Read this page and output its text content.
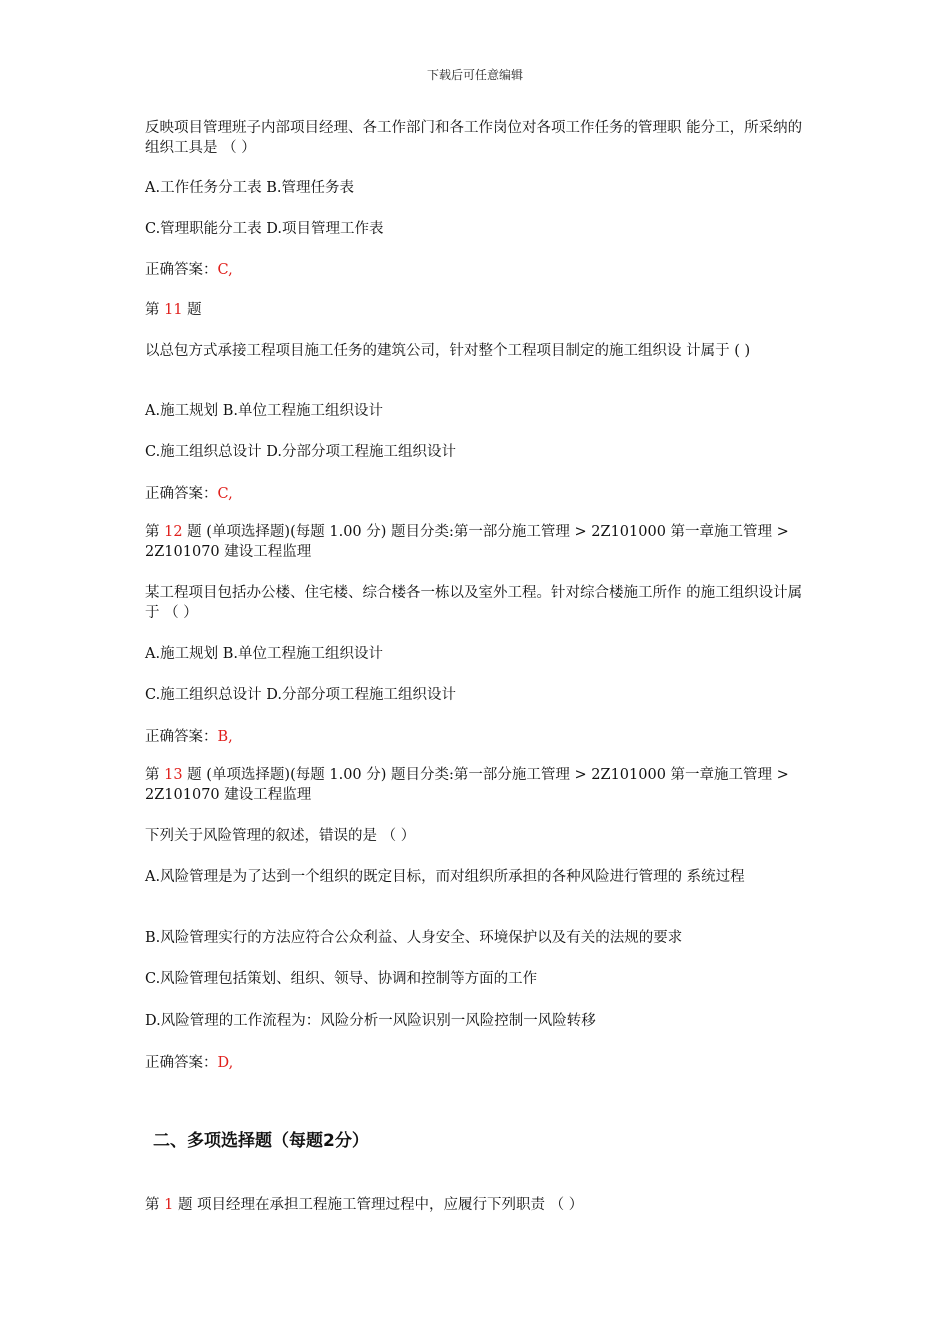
下载后可任意编辑

反映项目管理班子内部项目经理、各工作部门和各工作岗位对各项工作任务的管理职 能分工，所采纳的组织工具是 （ ）

A.工作任务分工表 B.管理任务表

C.管理职能分工表 D.项目管理工作表

正确答案：C,

第 11 题

以总包方式承接工程项目施工任务的建筑公司，针对整个工程项目制定的施工组织设 计属于 ( )

A.施工规划 B.单位工程施工组织设计

C.施工组织总设计 D.分部分项工程施工组织设计

正确答案：C,

第 12 题 (单项选择题)(每题 1.00 分) 题目分类:第一部分施工管理 > 2Z101000 第一章施工管理 > 2Z101070 建设工程监理

某工程项目包括办公楼、住宅楼、综合楼各一栋以及室外工程。针对综合楼施工所作 的施工组织设计属于 （ ）

A.施工规划 B.单位工程施工组织设计

C.施工组织总设计 D.分部分项工程施工组织设计

正确答案：B,

第 13 题 (单项选择题)(每题 1.00 分) 题目分类:第一部分施工管理 > 2Z101000 第一章施工管理 > 2Z101070 建设工程监理

下列关于风险管理的叙述，错误的是 （ ）

A.风险管理是为了达到一个组织的既定目标，而对组织所承担的各种风险进行管理的 系统过程

B.风险管理实行的方法应符合公众利益、人身安全、环境保护以及有关的法规的要求

C.风险管理包括策划、组织、领导、协调和控制等方面的工作

D.风险管理的工作流程为：风险分析一风险识别一风险控制一风险转移

正确答案：D,

二、多项选择题（每题2分）

第 1 题 项目经理在承担工程施工管理过程中，应履行下列职责 （ ）
